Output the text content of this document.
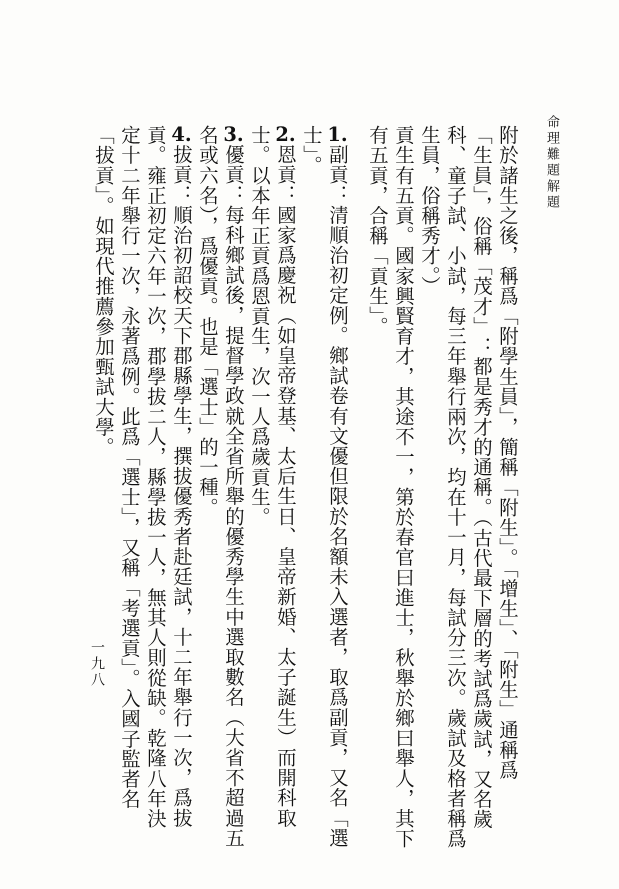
命理難題解題
一九八	附於諸生之後，稱爲「附學生員」，簡稱「附生」。「增生」、「附生」通稱爲

「生員」，俗稱「茂才」：都是秀才的通稱。（古代最下層的考試爲歲試，又名歲

科、童子試、小試，每三年舉行兩次，均在十一月，每試分三次。歲試及格者稱爲

生員，俗稱秀才。）

貢生有五貢。國家興賢育才，其途不一，第於春官曰進士，秋舉於鄉曰舉人，其下

有五貢，合稱「貢生」。

1.副貢：清順治初定例。鄉試卷有文優但限於名額未入選者，取爲副貢，又名「選

士」。

2.恩貢：國家爲慶祝（如皇帝登基、太后生日、皇帝新婚、太子誕生）而開科取

士。以本年正貢爲恩貢生，次一人爲歲貢生。

3.優貢：每科鄉試後，提督學政就全省所舉的優秀學生中選取數名（大省不超過五

名或六名），爲優貢。也是「選士」的一種。

4.拔貢：順治初詔校天下郡縣學生，撰拔優秀者赴廷試，十二年舉行一次，爲拔

貢。雍正初定六年一次，郡學拔二人，縣學拔一人，無其人則從缺。乾隆八年決

定十二年舉行一次，永著爲例。此爲「選士」，又稱「考選貢」。入國子監者名

「拔貢」。如現代推薦參加甄試大學。
